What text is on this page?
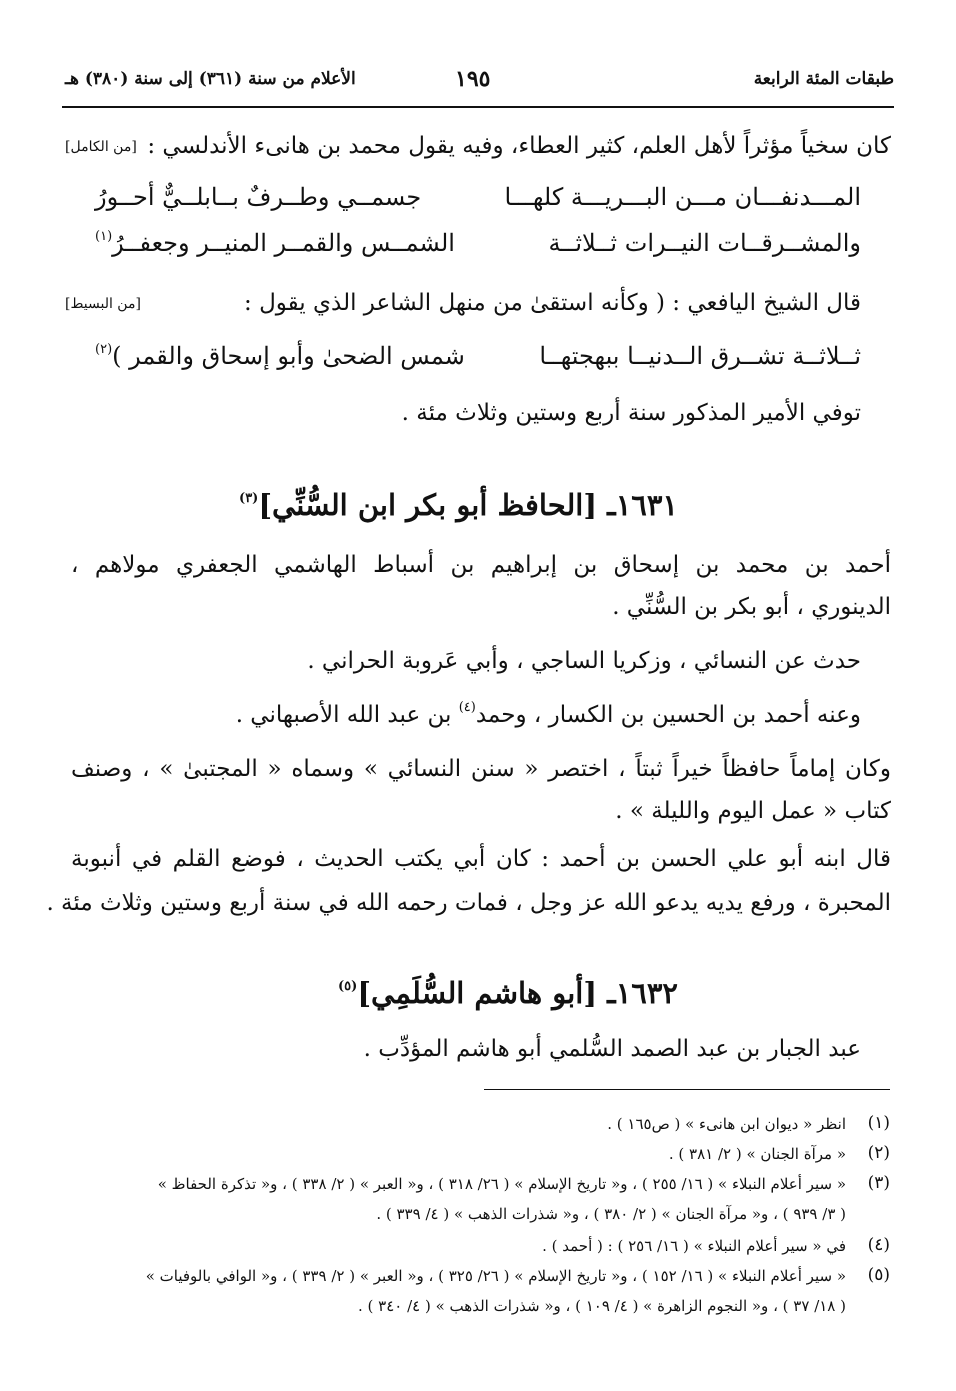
طبقات المئة الرابعة
١٩٥
الأعلام من سنة (٣٦١) إلى سنة (٣٨٠) هـ
كان سخياً مؤثراً لأهل العلم، كثير العطاء، وفيه يقول محمد بن هانىء الأندلسي :
[من الكامل]
المـــدنفـــان مـــن البـــريـــة كلهـــا
جسمــي وطــرفٌ بــابلــيٌّ أحــورُ
والمشــرقــات النيــرات ثــلاثــة
الشمــس والقمــر المنيــر وجعفــرُ$^{(١)}$
قال الشيخ اليافعي : ( وكأنه استقىٰ من منهل الشاعر الذي يقول :
[من البسيط]
ثــلاثــة تشــرق الــدنيــا ببهجتهــا
شمس الضحىٰ وأبو إسحاق والقمر )$^{(٢)}$
توفي الأمير المذكور سنة أربع وستين وثلاث مئة .
١٦٣١ـ [الحافظ أبو بكر ابن السُّنِّي]$^{(٣)}$
أحمد بن محمد بن إسحاق بن إبراهيم بن أسباط الهاشمي الجعفري مولاهم ،
الدينوري ، أبو بكر بن السُّنِّي .
حدث عن النسائي ، وزكريا الساجي ، وأبي عَروبة الحراني .
وعنه أحمد بن الحسين بن الكسار ، وحمد$^{(٤)}$ بن عبد الله الأصبهاني .
وكان إماماً حافظاً خيراً ثبتاً ، اختصر « سنن النسائي » وسماه « المجتبىٰ » ، وصنف
كتاب « عمل اليوم والليلة » .
قال ابنه أبو علي الحسن بن أحمد : كان أبي يكتب الحديث ، فوضع القلم في أنبوبة
المحبرة ، ورفع يديه يدعو الله عز وجل ، فمات رحمه الله في سنة أربع وستين وثلاث مئة .
١٦٣٢ـ [أبو هاشم السُّلَمِي]$^{(٥)}$
عبد الجبار بن عبد الصمد السُّلمي أبو هاشم المؤدِّب .
(١)
انظر « ديوان ابن هانىء » ( ص١٦٥ ) .
(٢)
« مرآة الجنان » ( ٢/ ٣٨١ ) .
(٣)
« سير أعلام النبلاء » ( ١٦/ ٢٥٥ ) ، و« تاريخ الإسلام » ( ٢٦/ ٣١٨ ) ، و« العبر » ( ٢/ ٣٣٨ ) ، و« تذكرة الحفاظ »
( ٣/ ٩٣٩ ) ، و« مرآة الجنان » ( ٢/ ٣٨٠ ) ، و« شذرات الذهب » ( ٤/ ٣٣٩ ) .
(٤)
في « سير أعلام النبلاء » ( ١٦/ ٢٥٦ ) : ( أحمد ) .
(٥)
« سير أعلام النبلاء » ( ١٦/ ١٥٢ ) ، و« تاريخ الإسلام » ( ٢٦/ ٣٢٥ ) ، و« العبر » ( ٢/ ٣٣٩ ) ، و« الوافي بالوفيات »
( ١٨/ ٣٧ ) ، و« النجوم الزاهرة » ( ٤/ ١٠٩ ) ، و« شذرات الذهب » ( ٤/ ٣٤٠ ) .
